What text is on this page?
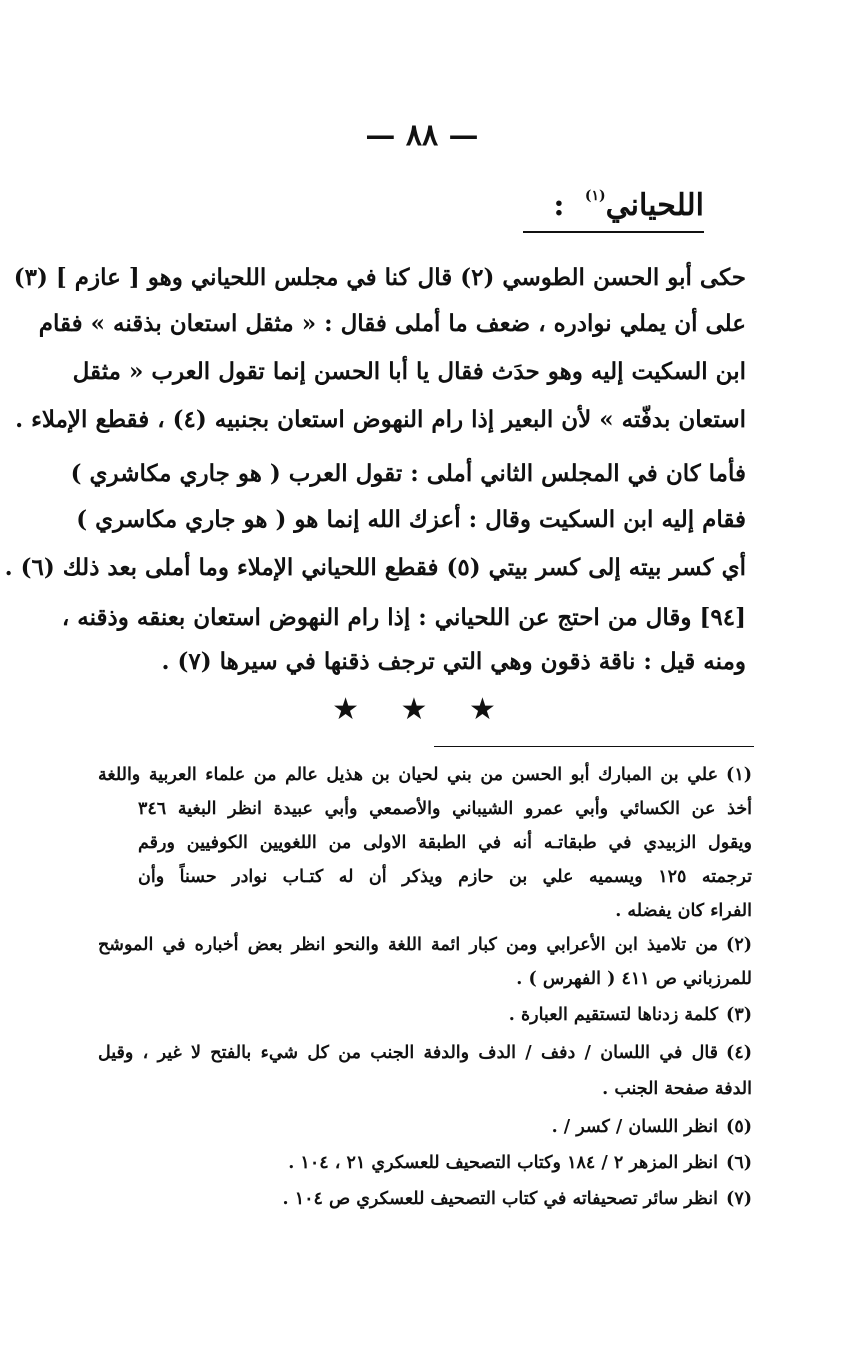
— ٨٨ —
اللحياني$^{(١)}$ :
حكى أبو الحسن الطوسي (٢) قال كنا في مجلس اللحياني وهو [ عازم ] (٣)
على أن يملي نوادره ، ضعف ما أملى فقال : « مثقل استعان بذقنه » فقام
ابن السكيت إليه وهو حدَث فقال يا أبا الحسن إنما تقول العرب « مثقل
استعان بدفّته » لأن البعير إذا رام النهوض استعان بجنبيه (٤) ، فقطع الإملاء .
فأما كان في المجلس الثاني أملى : تقول العرب ( هو جاري مكاشري )
فقام إليه ابن السكيت وقال : أعزك الله إنما هو ( هو جاري مكاسري )
أي كسر بيته إلى كسر بيتي (٥) فقطع اللحياني الإملاء وما أملى بعد ذلك (٦) .
[٩٤] وقال من احتج عن اللحياني : إذا رام النهوض استعان بعنقه وذقنه ،
ومنه قيل : ناقة ذقون وهي التي ترجف ذقنها في سيرها (٧) .
★ ★ ★
(١)علي بن المبارك أبو الحسن من بني لحيان بن هذيل عالم من علماء العربية واللغة
أخذ عن الكسائي وأبي عمرو الشيباني والأصمعي وأبي عبيدة انظر البغية ٣٤٦
ويقول الزبيدي في طبقاتـه أنه في الطبقة الاولى من اللغويين الكوفيين ورقم
ترجمته ١٢٥ ويسميه علي بن حازم ويذكر أن له كتـاب نوادر حسناً وأن
الفراء كان يفضله .
(٢)من تلاميذ ابن الأعرابي ومن كبار ائمة اللغة والنحو انظر بعض أخباره في الموشح
للمرزباني ص ٤١١ ( الفهرس ) .
(٣)كلمة زدناها لتستقيم العبارة .
(٤)قال في اللسان / دفف / الدف والدفة الجنب من كل شيء بالفتح لا غير ، وقيل
الدفة صفحة الجنب .
(٥)انظر اللسان / كسر / .
(٦)انظر المزهر ٢ / ١٨٤ وكتاب التصحيف للعسكري ٢١ ، ١٠٤ .
(٧)انظر سائر تصحيفاته في كتاب التصحيف للعسكري ص ١٠٤ .
